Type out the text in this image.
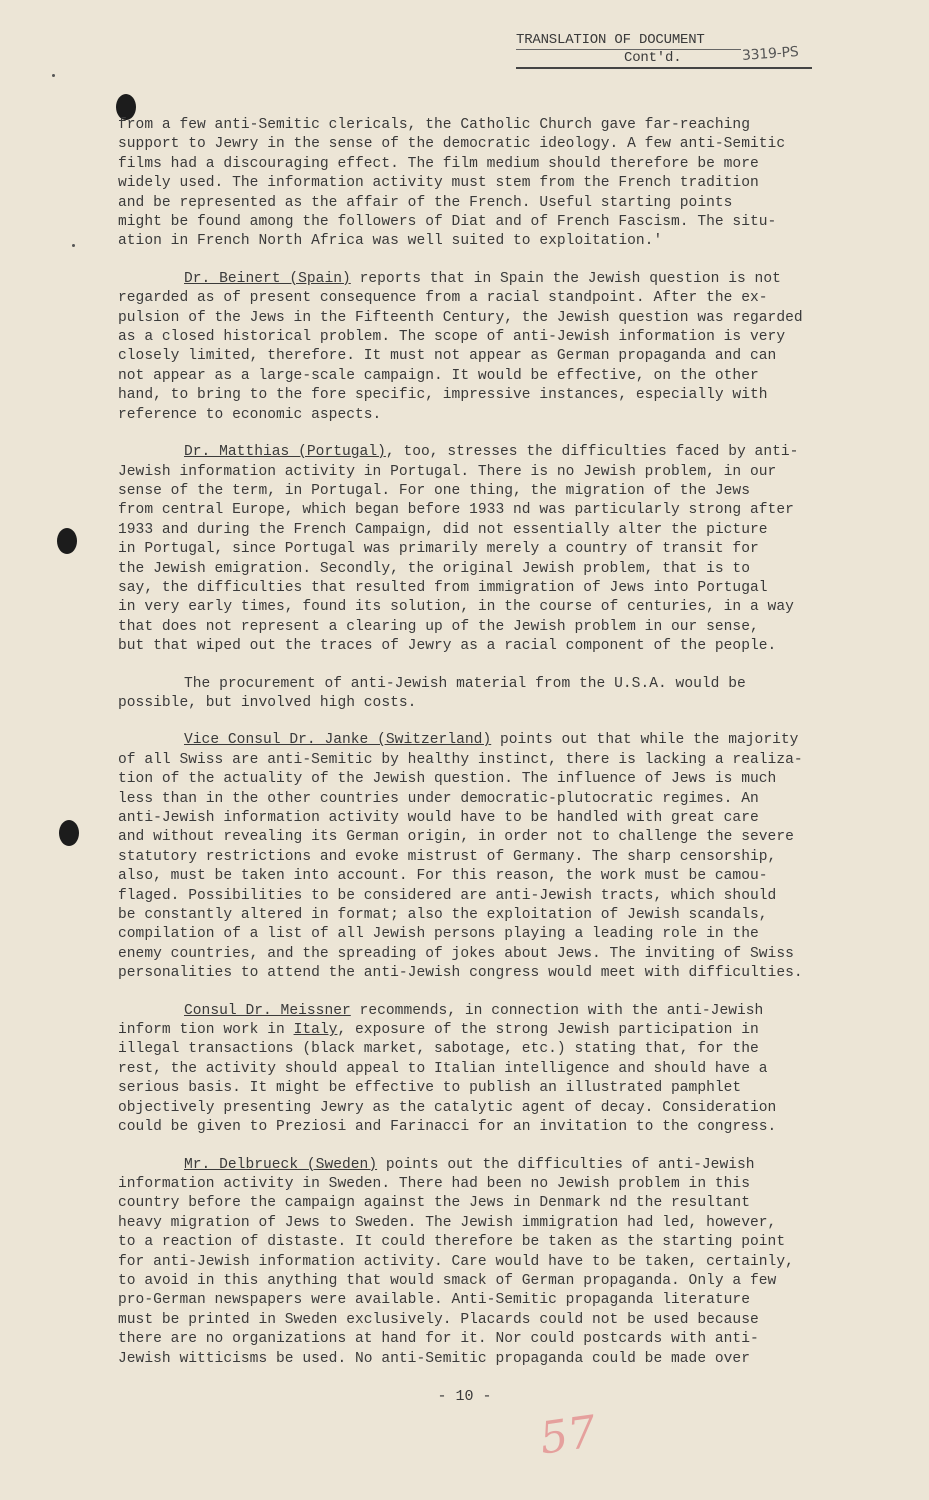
TRANSLATION OF DOCUMENT
Cont'd.	3319-PS
from a few anti-Semitic clericals, the Catholic Church gave far-reaching
support to Jewry in the sense of the democratic ideology. A few anti-Semitic
films had a discouraging effect. The film medium should therefore be more
widely used. The information activity must stem from the French tradition
and be represented as the affair of the French. Useful starting points
might be found among the followers of Diat and of French Fascism. The situ-
ation in French North Africa was well suited to exploitation.'
Dr. Beinert (Spain) reports that in Spain the Jewish question is not
regarded as of present consequence from a racial standpoint. After the ex-
pulsion of the Jews in the Fifteenth Century, the Jewish question was regarded
as a closed historical problem. The scope of anti-Jewish information is very
closely limited, therefore. It must not appear as German propaganda and can
not appear as a large-scale campaign. It would be effective, on the other
hand, to bring to the fore specific, impressive instances, especially with
reference to economic aspects.
Dr. Matthias (Portugal), too, stresses the difficulties faced by anti-
Jewish information activity in Portugal. There is no Jewish problem, in our
sense of the term, in Portugal. For one thing, the migration of the Jews
from central Europe, which began before 1933 nd was particularly strong after
1933 and during the French Campaign, did not essentially alter the picture
in Portugal, since Portugal was primarily merely a country of transit for
the Jewish emigration. Secondly, the original Jewish problem, that is to
say, the difficulties that resulted from immigration of Jews into Portugal
in very early times, found its solution, in the course of centuries, in a way
that does not represent a clearing up of the Jewish problem in our sense,
but that wiped out the traces of Jewry as a racial component of the people.
The procurement of anti-Jewish material from the U.S.A. would be
possible, but involved high costs.
Vice Consul Dr. Janke (Switzerland) points out that while the majority
of all Swiss are anti-Semitic by healthy instinct, there is lacking a realiza-
tion of the actuality of the Jewish question. The influence of Jews is much
less than in the other countries under democratic-plutocratic regimes. An
anti-Jewish information activity would have to be handled with great care
and without revealing its German origin, in order not to challenge the severe
statutory restrictions and evoke mistrust of Germany. The sharp censorship,
also, must be taken into account. For this reason, the work must be camou-
flaged. Possibilities to be considered are anti-Jewish tracts, which should
be constantly altered in format; also the exploitation of Jewish scandals,
compilation of a list of all Jewish persons playing a leading role in the
enemy countries, and the spreading of jokes about Jews. The inviting of Swiss
personalities to attend the anti-Jewish congress would meet with difficulties.
Consul Dr. Meissner recommends, in connection with the anti-Jewish
inform tion work in Italy, exposure of the strong Jewish participation in
illegal transactions (black market, sabotage, etc.) stating that, for the
rest, the activity should appeal to Italian intelligence and should have a
serious basis. It might be effective to publish an illustrated pamphlet
objectively presenting Jewry as the catalytic agent of decay. Consideration
could be given to Preziosi and Farinacci for an invitation to the congress.
Mr. Delbrueck (Sweden) points out the difficulties of anti-Jewish
information activity in Sweden. There had been no Jewish problem in this
country before the campaign against the Jews in Denmark nd the resultant
heavy migration of Jews to Sweden. The Jewish immigration had led, however,
to a reaction of distaste. It could therefore be taken as the starting point
for anti-Jewish information activity. Care would have to be taken, certainly,
to avoid in this anything that would smack of German propaganda. Only a few
pro-German newspapers were available. Anti-Semitic propaganda literature
must be printed in Sweden exclusively. Placards could not be used because
there are no organizations at hand for it. Nor could postcards with anti-
Jewish witticisms be used. No anti-Semitic propaganda could be made over
- 10 -
57
